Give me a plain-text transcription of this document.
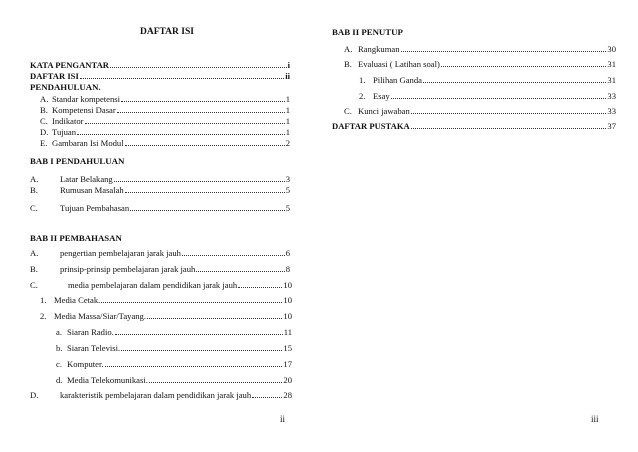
DAFTAR ISI
KATA PENGANTAR	i
DAFTAR ISI	ii
PENDAHULUAN.
A. Standar kompetensi	1
B. Kompetensi Dasar	1
C. Indikator	1
D. Tujuan	1
E. Gambaran Isi Modul	2
BAB I PENDAHULUAN
A.	Latar Belakang	3
B.	Rumusan Masalah	5
C.	Tujuan Pembahasan	5
BAB II PEMBAHASAN
A.	pengertian pembelajaran jarak jauh	6
B.	prinsip-prinsip pembelajaran jarak jauh	8
C.	media pembelajaran dalam pendidikan jarak jauh	10
1. Media Cetak.	10
2. Media Massa/Siar/Tayang.	10
a. Siaran Radio.	11
b. Siaran Televisi.	15
c. Komputer.	17
d. Media Telekomunikasi.	20
D.	karakteristik pembelajaran dalam pendidikan jarak jauh	28
ii
BAB II PENUTUP
A. Rangkuman	30
B. Evaluasi ( Latihan soal)	31
1. Pilihan Ganda	31
2. Esay	33
C. Kunci jawaban	33
DAFTAR PUSTAKA	37
iii
